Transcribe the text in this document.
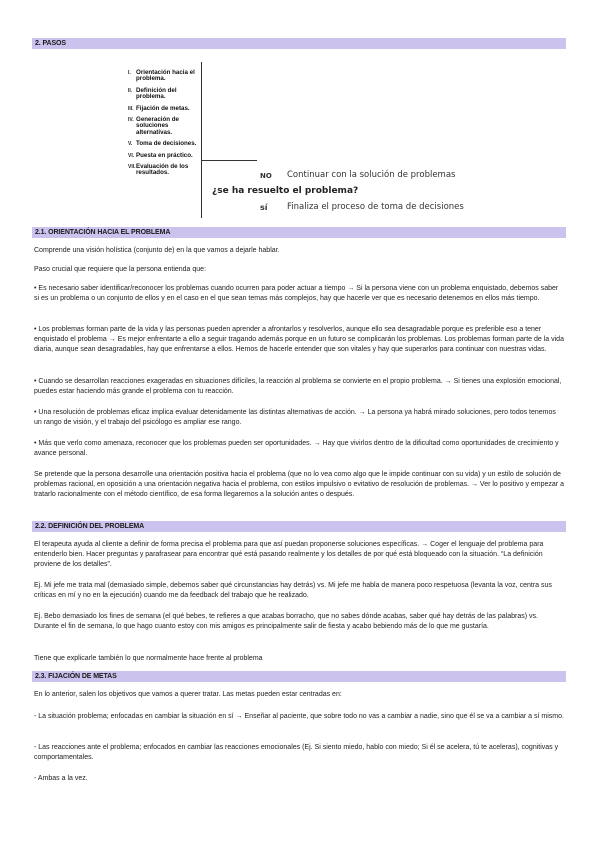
2. PASOS
I. Orientación hacia el problema.
II. Definición del problema.
III. Fijación de metas.
IV. Generación de soluciones alternativas.
V. Toma de decisiones.
VI. Puesta en práctico.
VII. Evaluación de los resultados.	NO Continuar con la solución de problemas
¿se ha resuelto el problema?
sí Finaliza el proceso de toma de decisiones
2.1. ORIENTACIÓN HACIA EL PROBLEMA

Comprende una visión holística (conjunto de) en la que vamos a dejarle hablar.

Paso crucial que requiere que la persona entienda que:

• Es necesario saber identificar/reconocer los problemas cuando ocurren para poder actuar a tiempo → Si la persona viene con un problema enquistado, debemos saber si es un problema o un conjunto de ellos y en el caso en el que sean temas más complejos, hay que hacerle ver que es necesario detenemos en ellos más tiempo.

• Los problemas forman parte de la vida y las personas pueden aprender a afrontarlos y resolverlos, aunque ello sea desagradable porque es preferible eso a tener enquistado el problema → Es mejor enfrentarte a ello a seguir tragando además porque en un futuro se complicarán los problemas. Los problemas forman parte de la vida diaria, aunque sean desagradables, hay que enfrentarse a ellos. Hemos de hacerle entender que son vitales y hay que superarlos para continuar con nuestras vidas.

• Cuando se desarrollan reacciones exageradas en situaciones difíciles, la reacción al problema se convierte en el propio problema. → Si tienes una explosión emocional, puedes estar haciendo más grande el problema con tu reacción.

• Una resolución de problemas eficaz implica evaluar detenidamente las distintas alternativas de acción. → La persona ya habrá mirado soluciones, pero todos tenemos un rango de visión, y el trabajo del psicólogo es ampliar ese rango.

• Más que verlo como amenaza, reconocer que los problemas pueden ser oportunidades. → Hay que vivirlos dentro de la dificultad como oportunidades de crecimiento y avance personal.

Se pretende que la persona desarrolle una orientación positiva hacia el problema (que no lo vea como algo que le impide continuar con su vida) y un estilo de solución de problemas racional, en oposición a una orientación negativa hacia el problema, con estilos impulsivo o evitativo de resolución de problemas. → Ver lo positivo y empezar a tratarlo racionalmente con el método científico, de esa forma llegaremos a la solución antes o después.

2.2. DEFINICIÓN DEL PROBLEMA

El terapeuta ayuda al cliente a definir de forma precisa el problema para que así puedan proponerse soluciones específicas. → Coger el lenguaje del problema para entenderlo bien. Hacer preguntas y parafrasear para encontrar qué está pasando realmente y los detalles de por qué está bloqueado con la situación. “La definición proviene de los detalles”.

Ej. Mi jefe me trata mal (demasiado simple, debemos saber qué circunstancias hay detrás) vs. Mi jefe me habla de manera poco respetuosa (levanta la voz, centra sus críticas en mí y no en la ejecución) cuando me da feedback del trabajo que he realizado.

Ej. Bebo demasiado los fines de semana (el qué bebes, te refieres a que acabas borracho, que no sabes dónde acabas, saber qué hay detrás de las palabras) vs. Durante el fin de semana, lo que hago cuanto estoy con mis amigos es principalmente salir de fiesta y acabo bebiendo más de lo que me gustaría.

Tiene que explicarle también lo que normalmente hace frente al problema

2.3. FIJACIÓN DE METAS

En lo anterior, salen los objetivos que vamos a querer tratar. Las metas pueden estar centradas en:

- La situación problema; enfocadas en cambiar la situación en sí → Enseñar al paciente, que sobre todo no vas a cambiar a nadie, sino que él se va a cambiar a sí mismo.

- Las reacciones ante el problema; enfocados en cambiar las reacciones emocionales (Ej. Si siento miedo, hablo con miedo; Si él se acelera, tú te aceleras), cognitivas y comportamentales.

- Ambas a la vez.
